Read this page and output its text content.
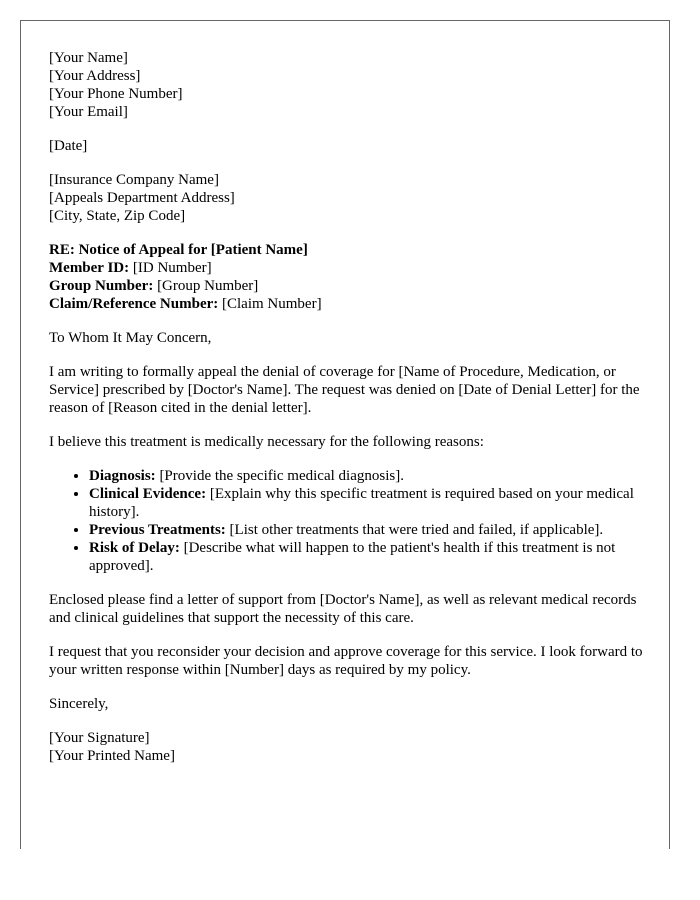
[Your Name]
[Your Address]
[Your Phone Number]
[Your Email]
[Date]
[Insurance Company Name]
[Appeals Department Address]
[City, State, Zip Code]
RE: Notice of Appeal for [Patient Name]
Member ID: [ID Number]
Group Number: [Group Number]
Claim/Reference Number: [Claim Number]

To Whom It May Concern,

I am writing to formally appeal the denial of coverage for [Name of Procedure, Medication, or Service] prescribed by [Doctor's Name]. The request was denied on [Date of Denial Letter] for the reason of [Reason cited in the denial letter].

I believe this treatment is medically necessary for the following reasons:

• Diagnosis: [Provide the specific medical diagnosis].
• Clinical Evidence: [Explain why this specific treatment is required based on your medical history].
• Previous Treatments: [List other treatments that were tried and failed, if applicable].
• Risk of Delay: [Describe what will happen to the patient's health if this treatment is not approved].

Enclosed please find a letter of support from [Doctor's Name], as well as relevant medical records and clinical guidelines that support the necessity of this care.

I request that you reconsider your decision and approve coverage for this service. I look forward to your written response within [Number] days as required by my policy.

Sincerely,

[Your Signature]
[Your Printed Name]
